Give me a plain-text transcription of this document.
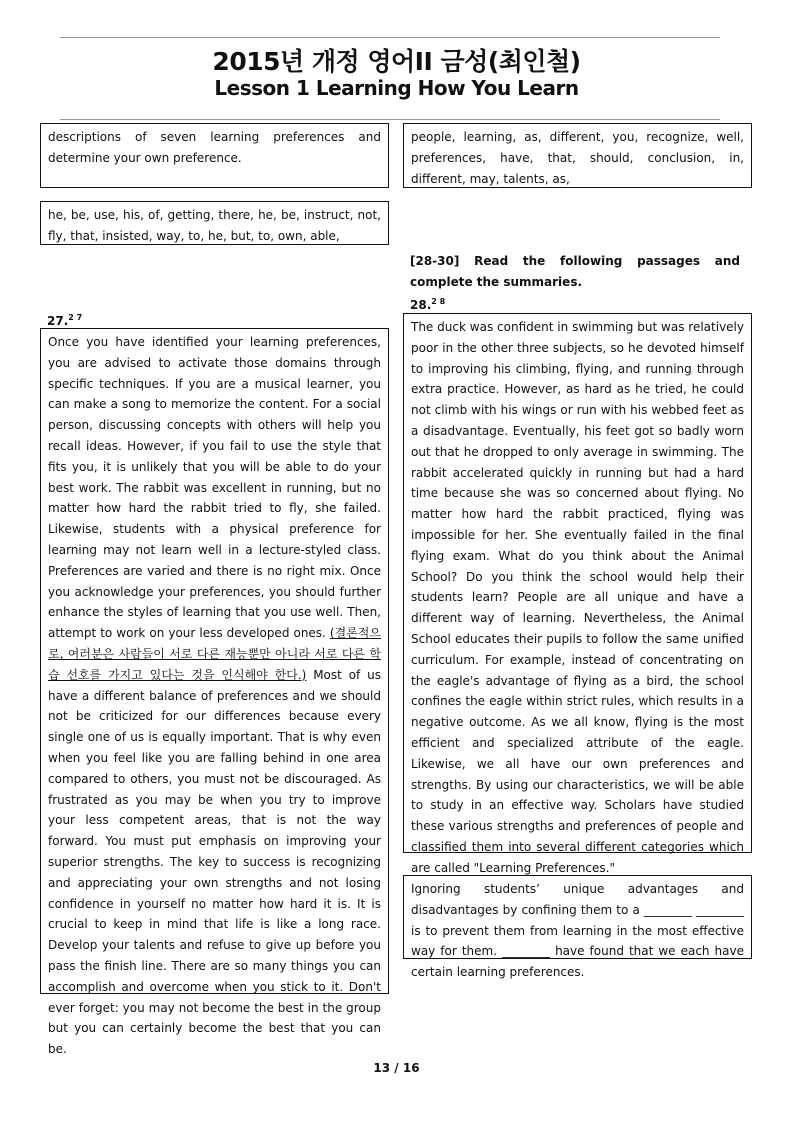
2015년 개정 영어II 금성(최인철)
Lesson 1 Learning How You Learn
descriptions of seven learning preferences and determine your own preference.
people, learning, as, different, you, recognize, well, preferences, have, that, should, conclusion, in, different, may, talents, as,
he, be, use, his, of, getting, there, he, be, instruct, not, fly, that, insisted, way, to, he, but, to, own, able,
[28-30] Read the following passages and complete the summaries.
27.$^{2 7}$
Once you have identified your learning preferences, you are advised to activate those domains through specific techniques. If you are a musical learner, you can make a song to memorize the content. For a social person, discussing concepts with others will help you recall ideas. However, if you fail to use the style that fits you, it is unlikely that you will be able to do your best work. The rabbit was excellent in running, but no matter how hard the rabbit tried to fly, she failed. Likewise, students with a physical preference for learning may not learn well in a lecture-styled class. Preferences are varied and there is no right mix. Once you acknowledge your preferences, you should further enhance the styles of learning that you use well. Then, attempt to work on your less developed ones. (결론적으로, 여러분은 사람들이 서로 다른 재능뿐만 아니라 서로 다른 학습 선호를 가지고 있다는 것을 인식해야 한다.) Most of us have a different balance of preferences and we should not be criticized for our differences because every single one of us is equally important. That is why even when you feel like you are falling behind in one area compared to others, you must not be discouraged. As frustrated as you may be when you try to improve your less competent areas, that is not the way forward. You must put emphasis on improving your superior strengths. The key to success is recognizing and appreciating your own strengths and not losing confidence in yourself no matter how hard it is. It is crucial to keep in mind that life is like a long race. Develop your talents and refuse to give up before you pass the finish line. There are so many things you can accomplish and overcome when you stick to it. Don't ever forget: you may not become the best in the group but you can certainly become the best that you can be.
28.$^{2 8}$
The duck was confident in swimming but was relatively poor in the other three subjects, so he devoted himself to improving his climbing, flying, and running through extra practice. However, as hard as he tried, he could not climb with his wings or run with his webbed feet as a disadvantage. Eventually, his feet got so badly worn out that he dropped to only average in swimming. The rabbit accelerated quickly in running but had a hard time because she was so concerned about flying. No matter how hard the rabbit practiced, flying was impossible for her. She eventually failed in the final flying exam. What do you think about the Animal School? Do you think the school would help their students learn? People are all unique and have a different way of learning. Nevertheless, the Animal School educates their pupils to follow the same unified curriculum. For example, instead of concentrating on the eagle's advantage of flying as a bird, the school confines the eagle within strict rules, which results in a negative outcome. As we all know, flying is the most efficient and specialized attribute of the eagle. Likewise, we all have our own preferences and strengths. By using our characteristics, we will be able to study in an effective way. Scholars have studied these various strengths and preferences of people and classified them into several different categories which are called "Learning Preferences."
Ignoring students’ unique advantages and disadvantages by confining them to a ________ ________ is to prevent them from learning in the most effective way for them. ________ have found that we each have certain learning preferences.
13 / 16
